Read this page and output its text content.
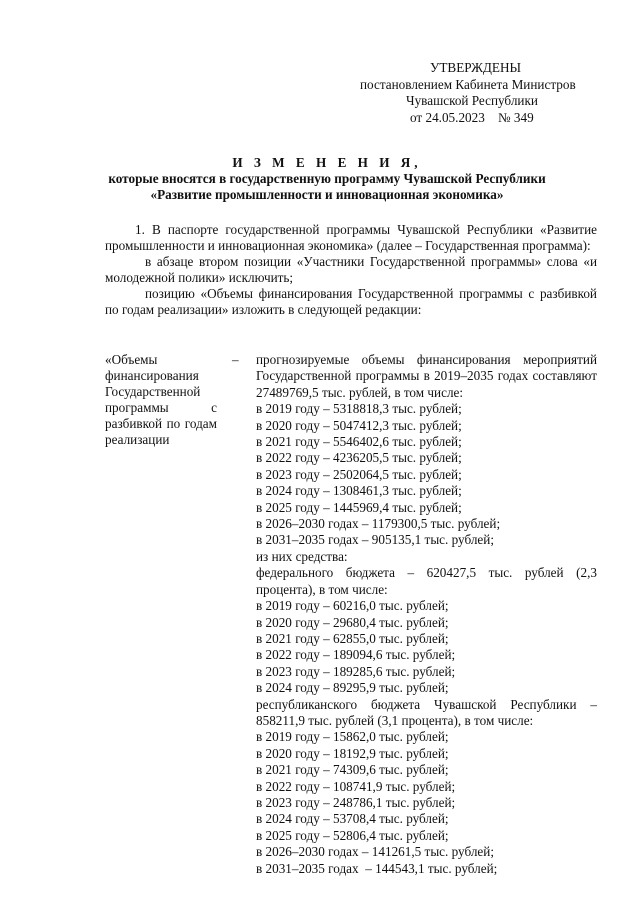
УТВЕРЖДЕНЫ
постановлением Кабинета Министров
Чувашской Республики
от 24.05.2023    № 349
И З М Е Н Е Н И Я,
которые вносятся в государственную программу Чувашской Республики
«Развитие промышленности и инновационная экономика»

1. В паспорте государственной программы Чувашской Республики «Развитие промышленности и инновационная экономика» (далее – Государственная программа):

в абзаце втором позиции «Участники Государственной программы» слова «и молодежной полики» исключить;

позицию «Объемы финансирования Государственной программы с разбивкой по годам реализации» изложить в следующей редакции:

«Объемы финансирования Государственной программы с разбивкой по годам реализации
– прогнозируемые объемы финансирования мероприятий Государственной программы в 2019–2035 годах составляют 27489769,5 тыс. рублей, в том числе:

в 2019 году – 5318818,3 тыс. рублей;
в 2020 году – 5047412,3 тыс. рублей;
в 2021 году – 5546402,6 тыс. рублей;
в 2022 году – 4236205,5 тыс. рублей;
в 2023 году – 2502064,5 тыс. рублей;
в 2024 году – 1308461,3 тыс. рублей;
в 2025 году – 1445969,4 тыс. рублей;
в 2026–2030 годах – 1179300,5 тыс. рублей;
в 2031–2035 годах – 905135,1 тыс. рублей;
из них средства:
федерального бюджета – 620427,5 тыс. рублей (2,3 процента), в том числе:
в 2019 году – 60216,0 тыс. рублей;
в 2020 году – 29680,4 тыс. рублей;
в 2021 году – 62855,0 тыс. рублей;
в 2022 году – 189094,6 тыс. рублей;
в 2023 году – 189285,6 тыс. рублей;
в 2024 году – 89295,9 тыс. рублей;
республиканского бюджета Чувашской Республики – 858211,9 тыс. рублей (3,1 процента), в том числе:
в 2019 году – 15862,0 тыс. рублей;
в 2020 году – 18192,9 тыс. рублей;
в 2021 году – 74309,6 тыс. рублей;
в 2022 году – 108741,9 тыс. рублей;
в 2023 году – 248786,1 тыс. рублей;
в 2024 году – 53708,4 тыс. рублей;
в 2025 году – 52806,4 тыс. рублей;
в 2026–2030 годах – 141261,5 тыс. рублей;
в 2031–2035 годах  – 144543,1 тыс. рублей;
